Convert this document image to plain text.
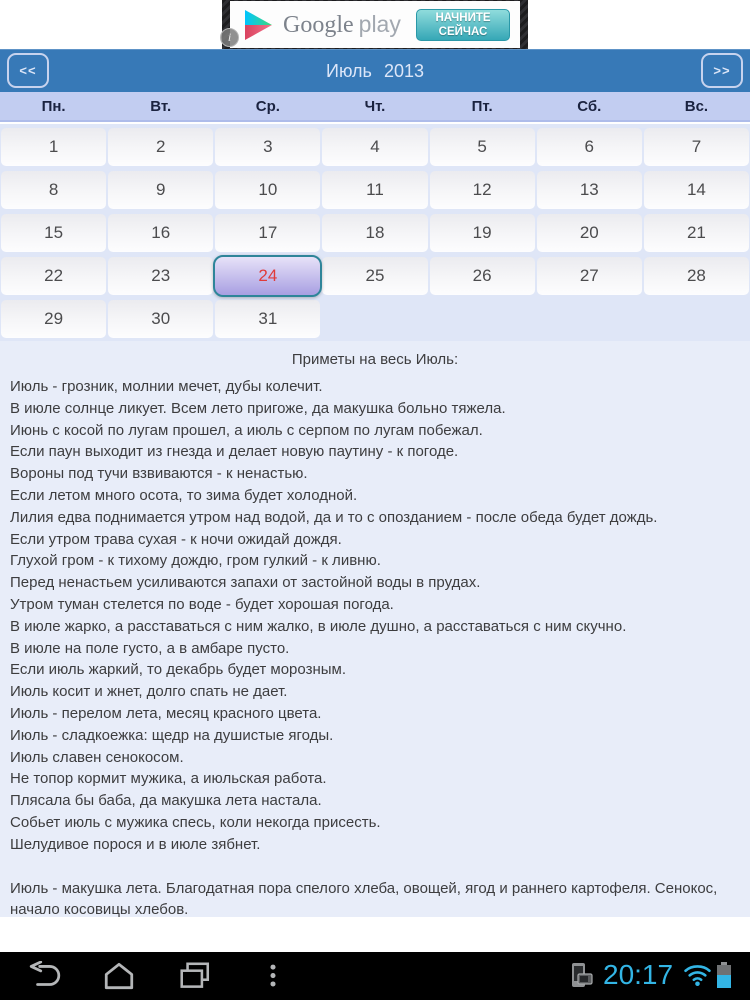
Google play	НАЧНИТЕ
СЕЙЧАС
i
<<	Июль 2013	>>
Пн.	Вт.	Ср.	Чт.	Пт.	Сб.	Вс.
1	2	3	4	5	6	7
8	9	10	11	12	13	14
15	16	17	18	19	20	21
22	23	24	25	26	27	28
29	30	31
Приметы на весь Июль:
Июль - грозник, молнии мечет, дубы колечит.
В июле солнце ликует. Всем лето пригоже, да макушка больно тяжела.
Июнь с косой по лугам прошел, а июль с серпом по лугам побежал.
Если паун выходит из гнезда и делает новую паутину - к погоде.
Вороны под тучи взвиваются - к ненастью.
Если летом много осота, то зима будет холодной.
Лилия едва поднимается утром над водой, да и то с опозданием - после обеда будет дождь.
Если утром трава сухая - к ночи ожидай дождя.
Глухой гром - к тихому дождю, гром гулкий - к ливню.
Перед ненастьем усиливаются запахи от застойной воды в прудах.
Утром туман стелется по воде - будет хорошая погода.
В июле жарко, а расставаться с ним жалко, в июле душно, а расставаться с ним скучно.
В июле на поле густо, а в амбаре пусто.
Если июль жаркий, то декабрь будет морозным.
Июль косит и жнет, долго спать не дает.
Июль - перелом лета, месяц красного цвета.
Июль - сладкоежка: щедр на душистые ягоды.
Июль славен сенокосом.
Не топор кормит мужика, а июльская работа.
Плясала бы баба, да макушка лета настала.
Собьет июль с мужика спесь, коли некогда присесть.
Шелудивое порося и в июле зябнет.
Июль - макушка лета. Благодатная пора спелого хлеба, овощей, ягод и раннего картофеля. Сенокос, начало косовицы хлебов.
20:17
